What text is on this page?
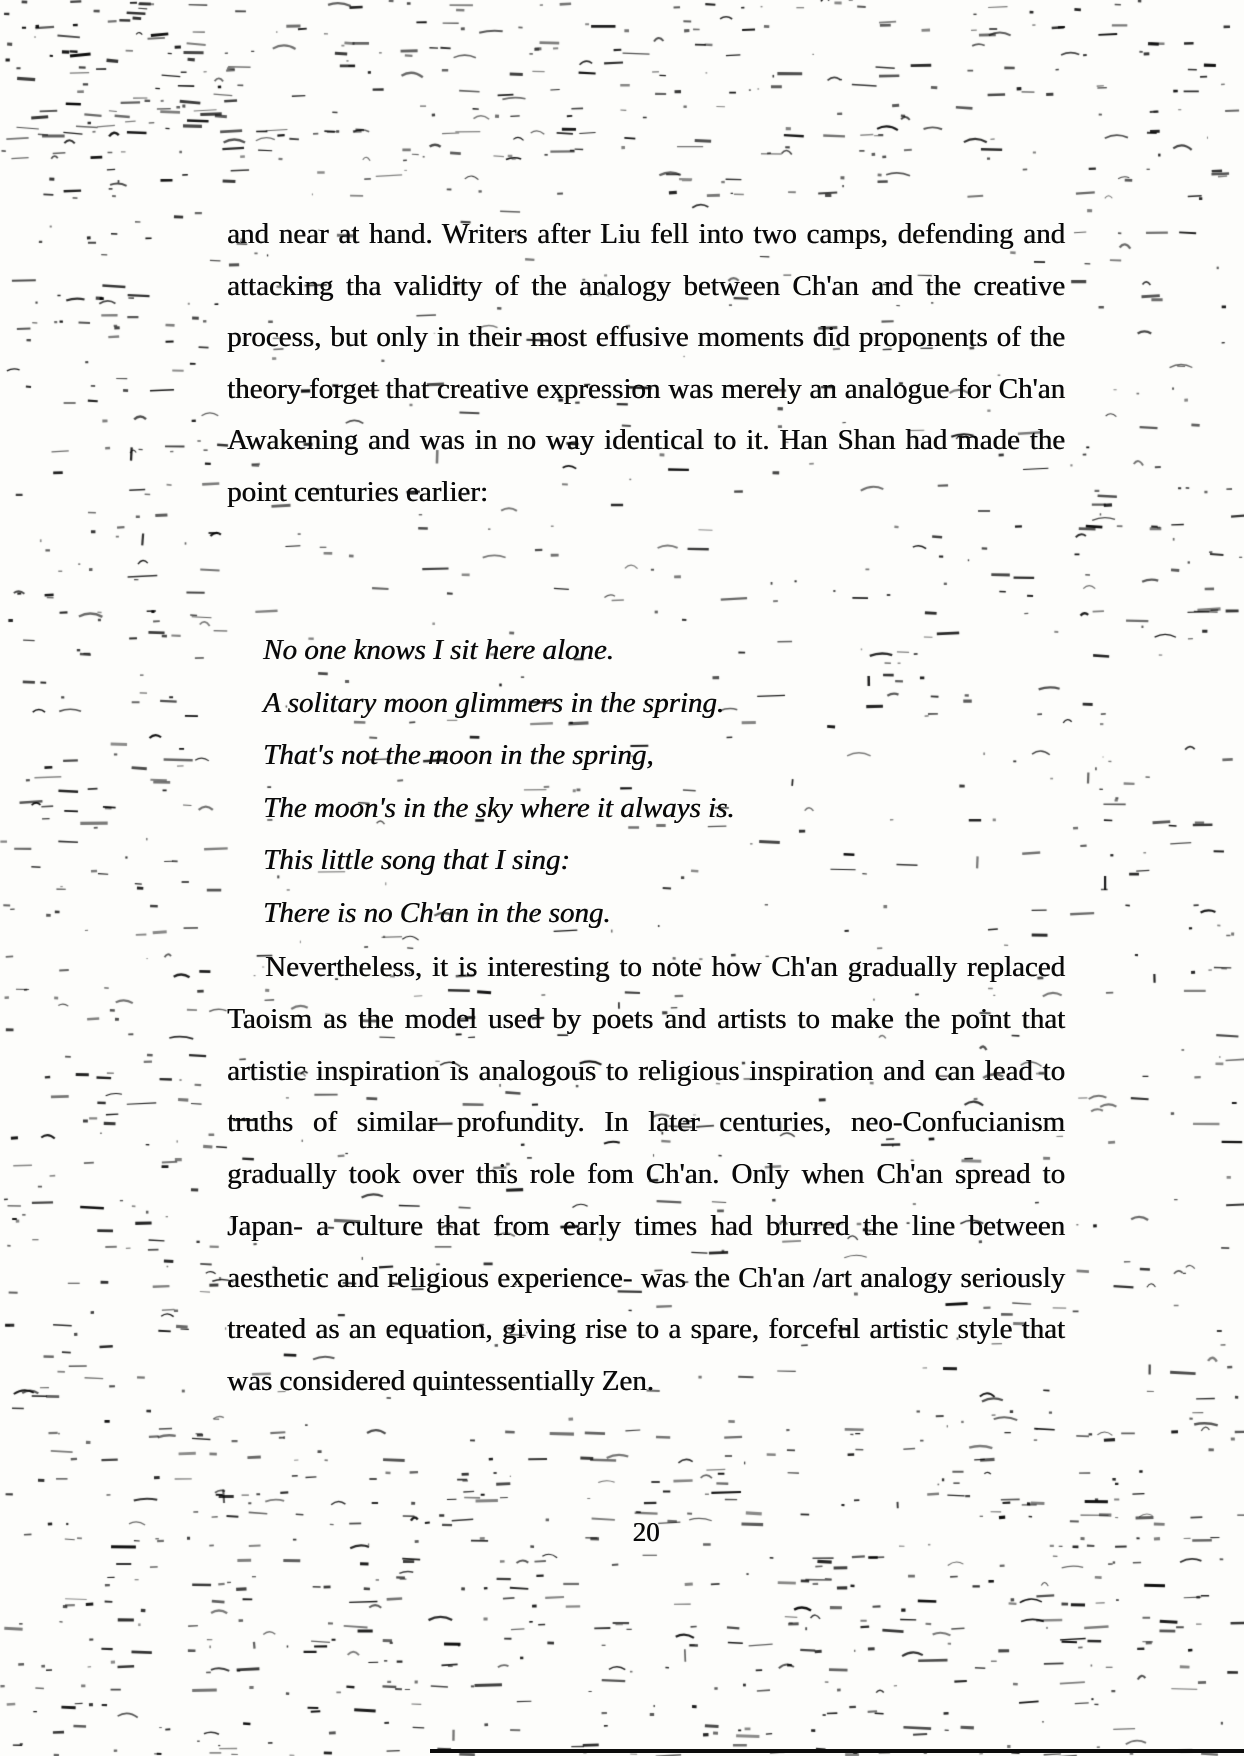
and near at hand. Writers after Liu fell into two camps, defending and
attacking tha validity of the analogy between Ch'an and the creative
process, but only in their most effusive moments did proponents of the
theory forget that creative expression was merely an analogue for Ch'an
Awakening and was in no way identical to it. Han Shan had made the
point centuries earlier:
No one knows I sit here alone.
A solitary moon glimmers in the spring.
That's not the moon in the spring,
The moon's in the sky where it always is.
This little song that I sing:
There is no Ch'an in the song.
Nevertheless, it is interesting to note how Ch'an gradually replaced
Taoism as the model used by poets and artists to make the point that
artistic inspiration is analogous to religious inspiration and can lead to
truths of similar profundity. In later centuries, neo-Confucianism
gradually took over this role fom Ch'an. Only when Ch'an spread to
Japan- a culture that from early times had blurred the line between
aesthetic and religious experience- was the Ch'an /art analogy seriously
treated as an equation, giving rise to a spare, forceful artistic style that
was considered quintessentially Zen.
20
